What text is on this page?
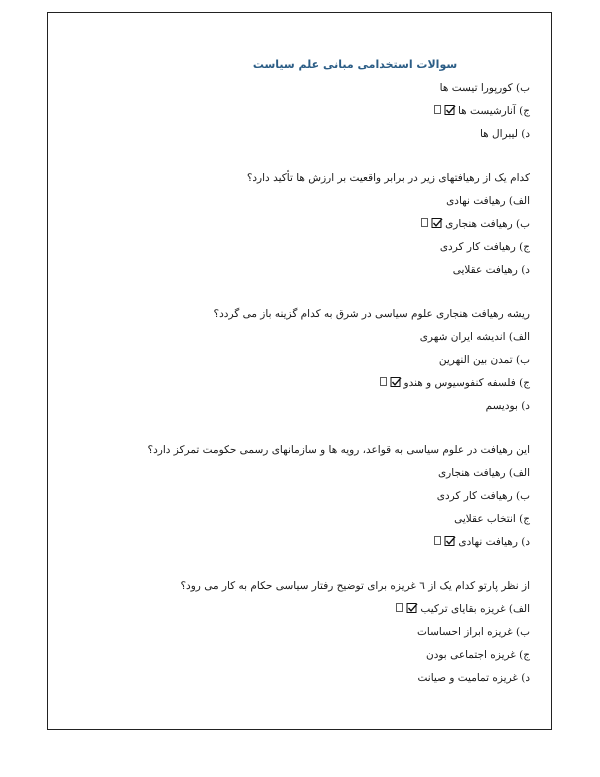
سوالات استخدامی مبانی علم سیاست
ب) کورپورا تیست ها
ج) آنارشیست ها
د) لیبرال ها
کدام یک از رهیافتهای زیر در برابر واقعیت بر ارزش ها تأکید دارد؟
الف) رهیافت نهادی
ب) رهیافت هنجاری
ج) رهیافت کار کردی
د) رهیافت عقلایی
ریشه رهیافت هنجاری علوم سیاسی در شرق به کدام گزینه باز می گردد؟
الف) اندیشه ایران شهری
ب) تمدن بین النهرین
ج) فلسفه کنفوسیوس و هندو
د) بودیسم
این رهیافت در علوم سیاسی به قواعد، رویه ها و سازمانهای رسمی حکومت تمرکز دارد؟
الف) رهیافت هنجاری
ب) رهیافت کار کردی
ج) انتخاب عقلایی
د) رهیافت نهادی
از نظر پارتو کدام یک از ٦ غریزه برای توضیح رفتار سیاسی حکام به کار می رود؟
الف) غریزه بقایای ترکیب
ب) غریزه ابراز احساسات
ج) غریزه اجتماعی بودن
د) غریزه تمامیت و صیانت
